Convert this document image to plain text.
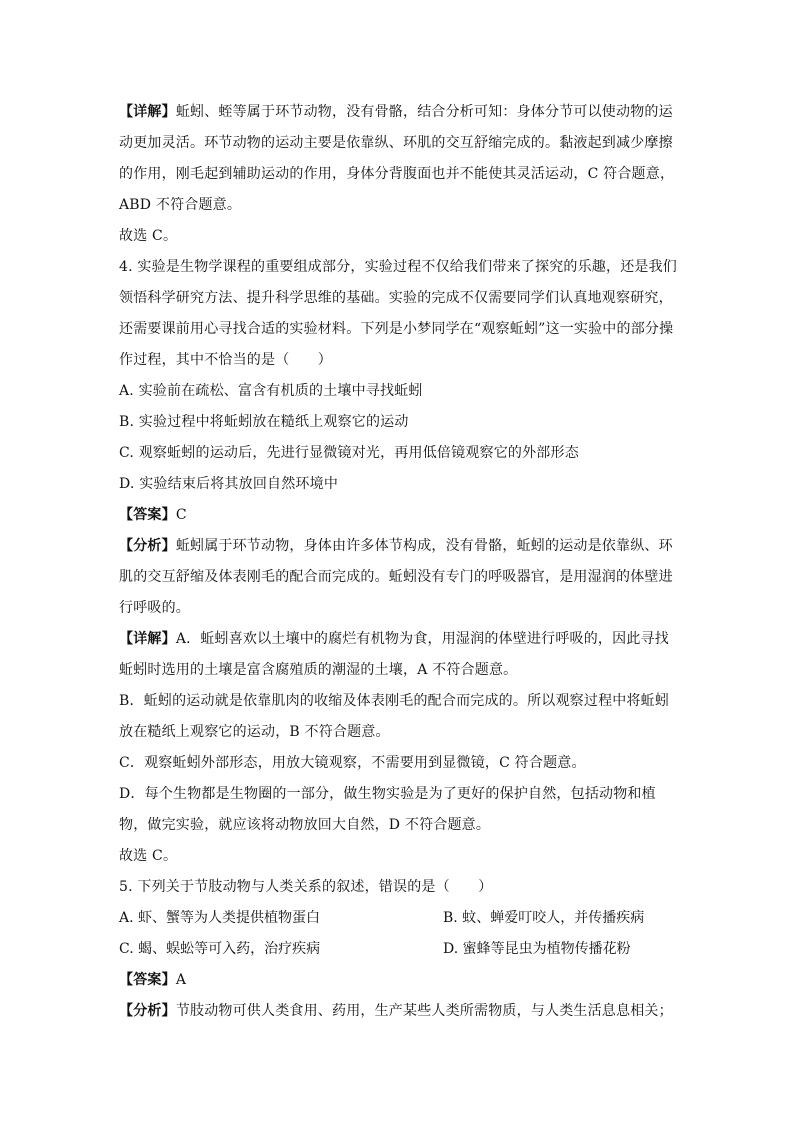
【详解】蚯蚓、蛭等属于环节动物，没有骨骼，结合分析可知：身体分节可以使动物的运
动更加灵活。环节动物的运动主要是依靠纵、环肌的交互舒缩完成的。黏液起到减少摩擦
的作用，刚毛起到辅助运动的作用，身体分背腹面也并不能使其灵活运动，C 符合题意，
ABD 不符合题意。
故选 C。
4. 实验是生物学课程的重要组成部分，实验过程不仅给我们带来了探究的乐趣，还是我们
领悟科学研究方法、提升科学思维的基础。实验的完成不仅需要同学们认真地观察研究，
还需要课前用心寻找合适的实验材料。下列是小梦同学在“观察蚯蚓”这一实验中的部分操
作过程，其中不恰当的是（　　）
A. 实验前在疏松、富含有机质的土壤中寻找蚯蚓
B. 实验过程中将蚯蚓放在糙纸上观察它的运动
C. 观察蚯蚓的运动后，先进行显微镜对光，再用低倍镜观察它的外部形态
D. 实验结束后将其放回自然环境中
【答案】C
【分析】蚯蚓属于环节动物，身体由许多体节构成，没有骨骼，蚯蚓的运动是依靠纵、环
肌的交互舒缩及体表刚毛的配合而完成的。蚯蚓没有专门的呼吸器官，是用湿润的体壁进
行呼吸的。
【详解】A．蚯蚓喜欢以土壤中的腐烂有机物为食，用湿润的体壁进行呼吸的，因此寻找
蚯蚓时选用的土壤是富含腐殖质的潮湿的土壤，A 不符合题意。
B．蚯蚓的运动就是依靠肌肉的收缩及体表刚毛的配合而完成的。所以观察过程中将蚯蚓
放在糙纸上观察它的运动，B 不符合题意。
C．观察蚯蚓外部形态，用放大镜观察，不需要用到显微镜，C 符合题意。
D．每个生物都是生物圈的一部分，做生物实验是为了更好的保护自然，包括动物和植
物，做完实验，就应该将动物放回大自然，D 不符合题意。
故选 C。
5. 下列关于节肢动物与人类关系的叙述，错误的是（　　）
A. 虾、蟹等为人类提供植物蛋白	B. 蚊、蝉爱叮咬人，并传播疾病
C. 蝎、蜈蚣等可入药，治疗疾病	D. 蜜蜂等昆虫为植物传播花粉
【答案】A
【分析】节肢动物可供人类食用、药用，生产某些人类所需物质，与人类生活息息相关；
